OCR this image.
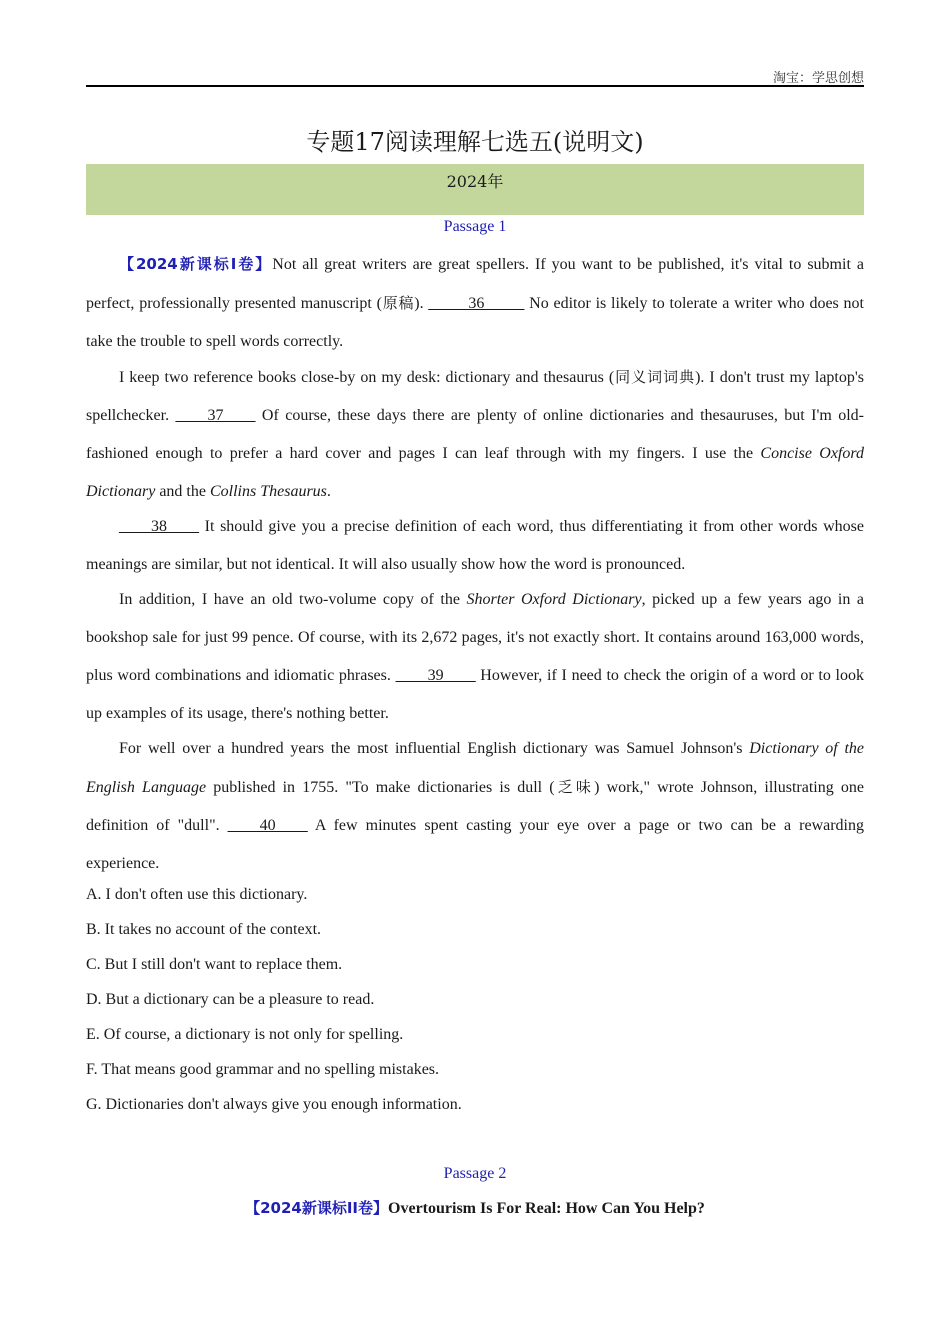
淘宝：学思创想
专题17阅读理解七选五(说明文)
2024年
Passage 1

【2024新课标Ⅰ卷】Not all great writers are great spellers. If you want to be published, it's vital to submit a perfect, professionally presented manuscript (原稿). _____36_____ No editor is likely to tolerate a writer who does not take the trouble to spell words correctly.

I keep two reference books close-by on my desk: dictionary and thesaurus (同义词词典). I don't trust my laptop's spellchecker. ____37____ Of course, these days there are plenty of online dictionaries and thesauruses, but I'm old-fashioned enough to prefer a hard cover and pages I can leaf through with my fingers. I use the Concise Oxford Dictionary and the Collins Thesaurus.

____38____ It should give you a precise definition of each word, thus differentiating it from other words whose meanings are similar, but not identical. It will also usually show how the word is pronounced.

In addition, I have an old two-volume copy of the Shorter Oxford Dictionary, picked up a few years ago in a bookshop sale for just 99 pence. Of course, with its 2,672 pages, it's not exactly short. It contains around 163,000 words, plus word combinations and idiomatic phrases. ____39____ However, if I need to check the origin of a word or to look up examples of its usage, there's nothing better.

For well over a hundred years the most influential English dictionary was Samuel Johnson's Dictionary of the English Language published in 1755. "To make dictionaries is dull (乏味) work," wrote Johnson, illustrating one definition of "dull". ____40____ A few minutes spent casting your eye over a page or two can be a rewarding experience.

A. I don't often use this dictionary.
B. It takes no account of the context.
C. But I still don't want to replace them.
D. But a dictionary can be a pleasure to read.
E. Of course, a dictionary is not only for spelling.
F. That means good grammar and no spelling mistakes.
G. Dictionaries don't always give you enough information.
Passage 2
【2024新课标ⅠⅠ卷】Overtourism Is For Real: How Can You Help?
